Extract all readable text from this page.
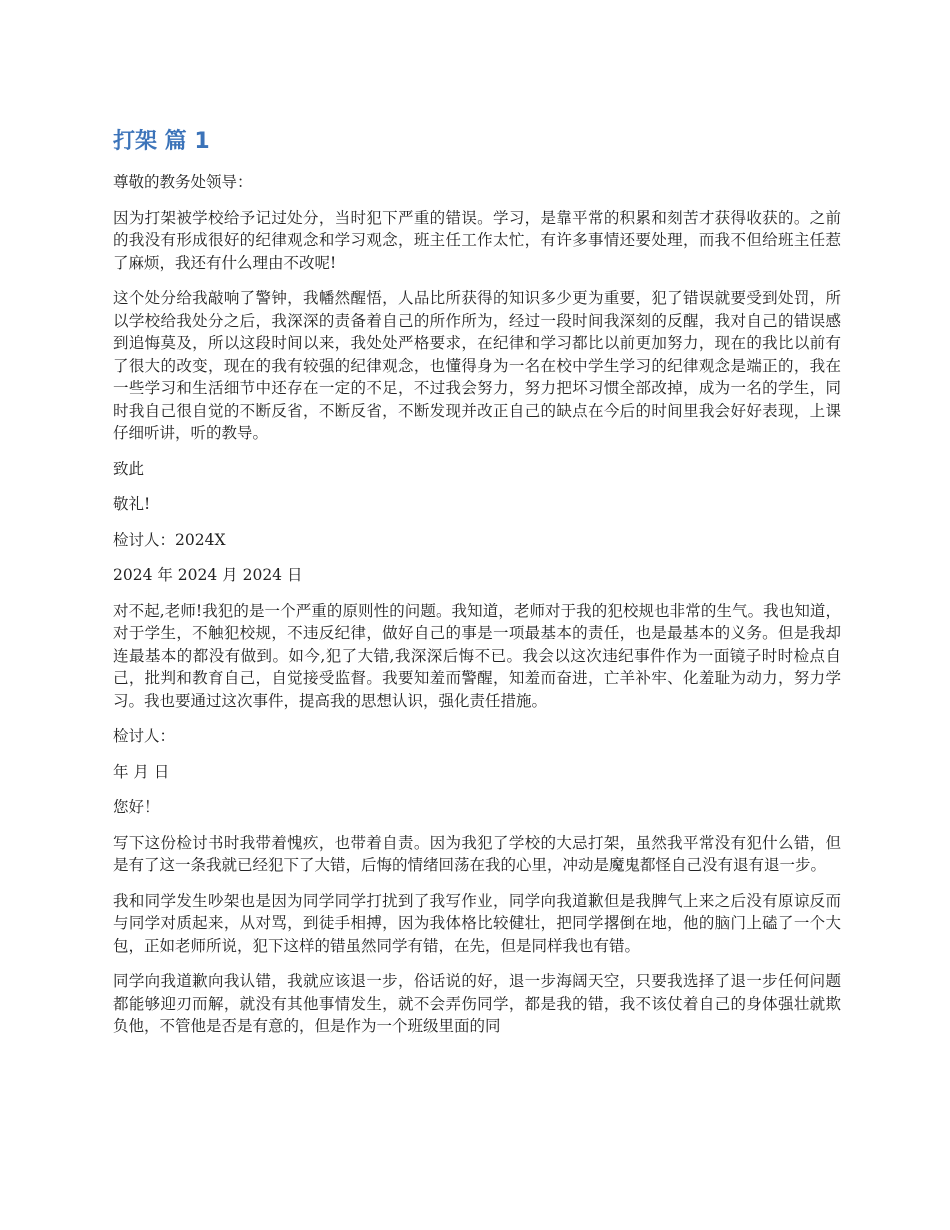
打架 篇 1

尊敬的教务处领导：

因为打架被学校给予记过处分，当时犯下严重的错误。学习，是靠平常的积累和刻苦才获得收获的。之前的我没有形成很好的纪律观念和学习观念，班主任工作太忙，有许多事情还要处理，而我不但给班主任惹了麻烦，我还有什么理由不改呢!

这个处分给我敲响了警钟，我幡然醒悟，人品比所获得的知识多少更为重要，犯了错误就要受到处罚，所以学校给我处分之后，我深深的责备着自己的所作所为，经过一段时间我深刻的反醒，我对自己的错误感到追悔莫及，所以这段时间以来，我处处严格要求，在纪律和学习都比以前更加努力，现在的我比以前有了很大的改变，现在的我有较强的纪律观念，也懂得身为一名在校中学生学习的纪律观念是端正的，我在一些学习和生活细节中还存在一定的不足，不过我会努力，努力把坏习惯全部改掉，成为一名的学生，同时我自己很自觉的不断反省，不断反省，不断发现并改正自己的缺点在今后的时间里我会好好表现，上课仔细听讲，听的教导。

致此

敬礼!

检讨人：2024X

2024 年 2024 月 2024 日

对不起,老师!我犯的是一个严重的原则性的问题。我知道，老师对于我的犯校规也非常的生气。我也知道，对于学生，不触犯校规，不违反纪律，做好自己的事是一项最基本的责任，也是最基本的义务。但是我却连最基本的都没有做到。如今,犯了大错,我深深后悔不已。我会以这次违纪事件作为一面镜子时时检点自己，批判和教育自己，自觉接受监督。我要知羞而警醒，知羞而奋进，亡羊补牢、化羞耻为动力，努力学习。我也要通过这次事件，提高我的思想认识，强化责任措施。

检讨人：

年 月 日

您好！

写下这份检讨书时我带着愧疚，也带着自责。因为我犯了学校的大忌打架，虽然我平常没有犯什么错，但是有了这一条我就已经犯下了大错，后悔的情绪回荡在我的心里，冲动是魔鬼都怪自己没有退有退一步。

我和同学发生吵架也是因为同学同学打扰到了我写作业，同学向我道歉但是我脾气上来之后没有原谅反而与同学对质起来，从对骂，到徒手相搏，因为我体格比较健壮，把同学撂倒在地，他的脑门上磕了一个大包，正如老师所说，犯下这样的错虽然同学有错，在先，但是同样我也有错。

同学向我道歉向我认错，我就应该退一步，俗话说的好，退一步海阔天空，只要我选择了退一步任何问题都能够迎刃而解，就没有其他事情发生，就不会弄伤同学，都是我的错，我不该仗着自己的身体强壮就欺负他，不管他是否是有意的，但是作为一个班级里面的同
